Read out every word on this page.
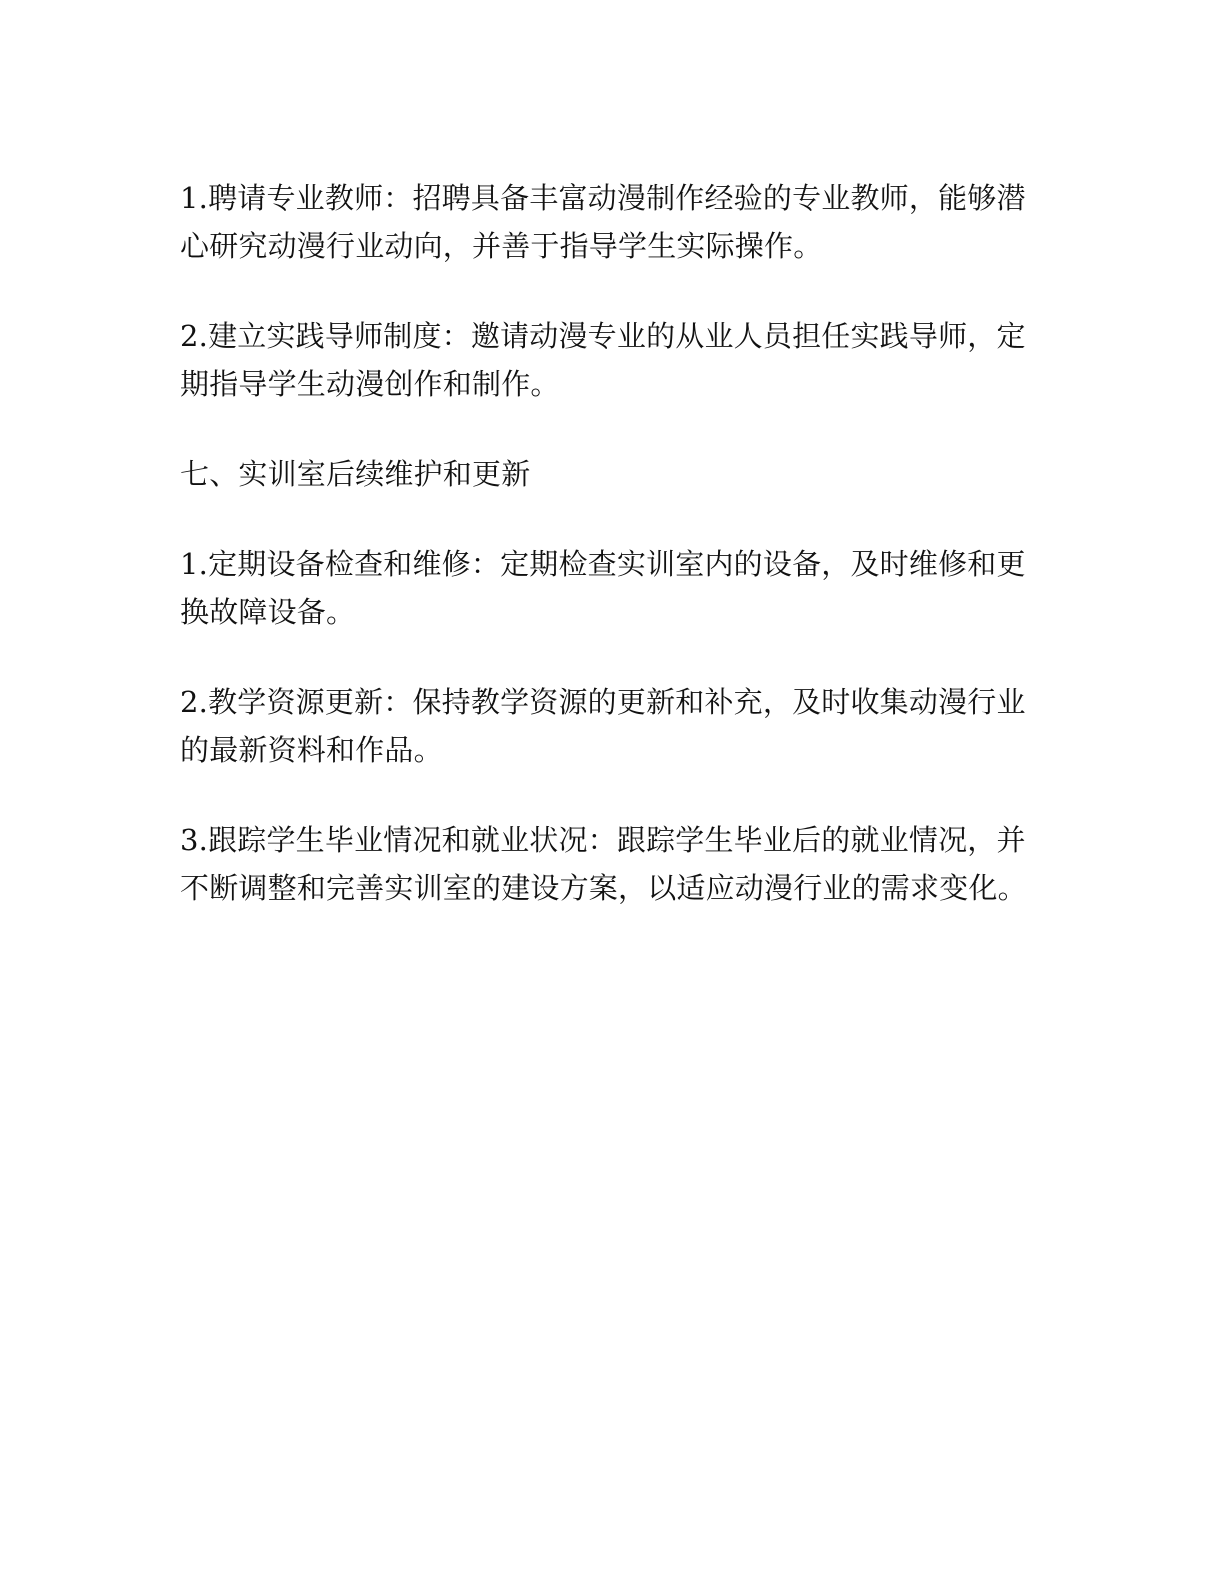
1.聘请专业教师：招聘具备丰富动漫制作经验的专业教师，能够潜心研究动漫行业动向，并善于指导学生实际操作。

2.建立实践导师制度：邀请动漫专业的从业人员担任实践导师，定期指导学生动漫创作和制作。

七、实训室后续维护和更新

1.定期设备检查和维修：定期检查实训室内的设备，及时维修和更换故障设备。

2.教学资源更新：保持教学资源的更新和补充，及时收集动漫行业的最新资料和作品。

3.跟踪学生毕业情况和就业状况：跟踪学生毕业后的就业情况，并不断调整和完善实训室的建设方案，以适应动漫行业的需求变化。
